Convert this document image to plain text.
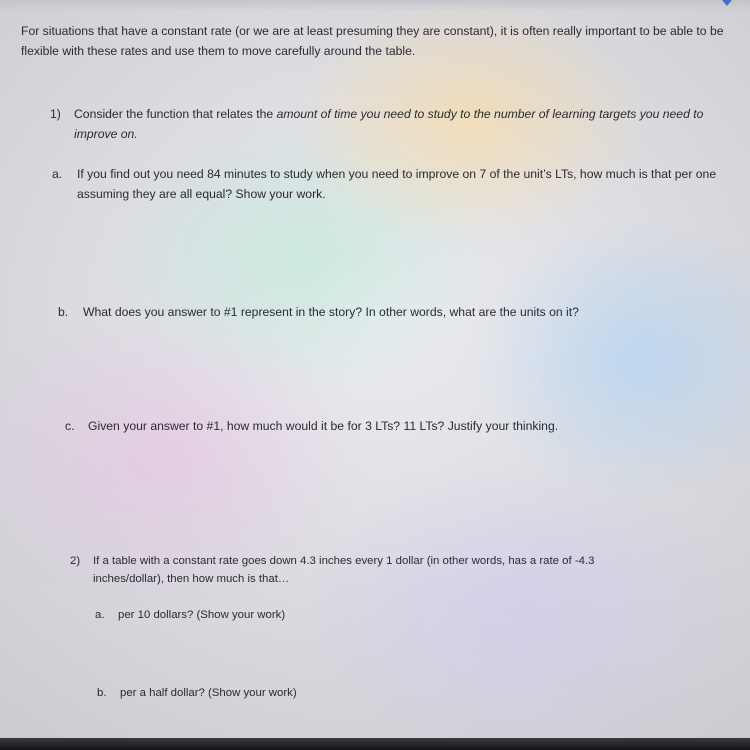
For situations that have a constant rate (or we are at least presuming they are constant), it is often really important to be able to be flexible with these rates and use them to move carefully around the table.

1) Consider the function that relates the amount of time you need to study to the number of learning targets you need to improve on.

a. If you find out you need 84 minutes to study when you need to improve on 7 of the unit’s LTs, how much is that per one assuming they are all equal? Show your work.

b. What does you answer to #1 represent in the story? In other words, what are the units on it?

c. Given your answer to #1, how much would it be for 3 LTs? 11 LTs? Justify your thinking.

2) If a table with a constant rate goes down 4.3 inches every 1 dollar (in other words, has a rate of -4.3 inches/dollar), then how much is that…

a. per 10 dollars? (Show your work)

b. per a half dollar? (Show your work)
